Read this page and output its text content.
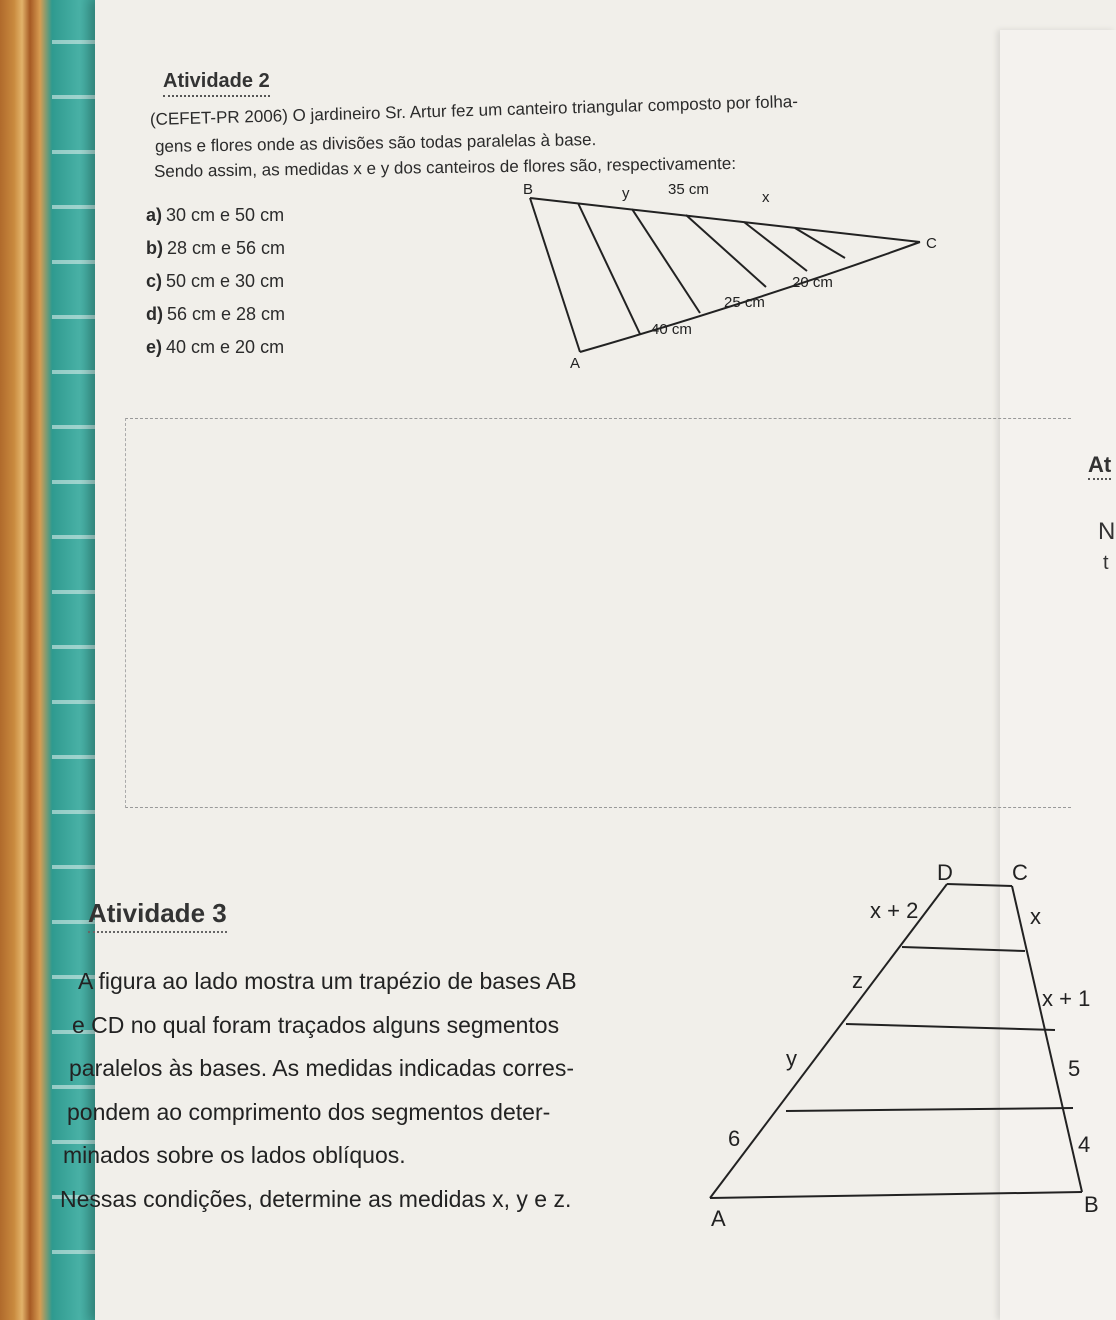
At
N
t
Atividade 2
(CEFET-PR 2006) O jardineiro Sr. Artur fez um canteiro triangular composto por folha-
gens e flores onde as divisões são todas paralelas à base.
Sendo assim, as medidas x e y dos canteiros de flores são, respectivamente:
a) 30 cm e 50 cm
b) 28 cm e 56 cm
c) 50 cm e 30 cm
d) 56 cm e 28 cm
e) 40 cm e 20 cm
B	y	35 cm	x
C
20 cm
25 cm
40 cm
A
Atividade 3
A figura ao lado mostra um trapézio de bases AB
e CD no qual foram traçados alguns segmentos
paralelos às bases. As medidas indicadas corres-
pondem ao comprimento dos segmentos deter-
minados sobre os lados oblíquos.
Nessas condições, determine as medidas x, y e z.
D	C
x + 2	x
z
x + 1
y	5
6	4
A
B
